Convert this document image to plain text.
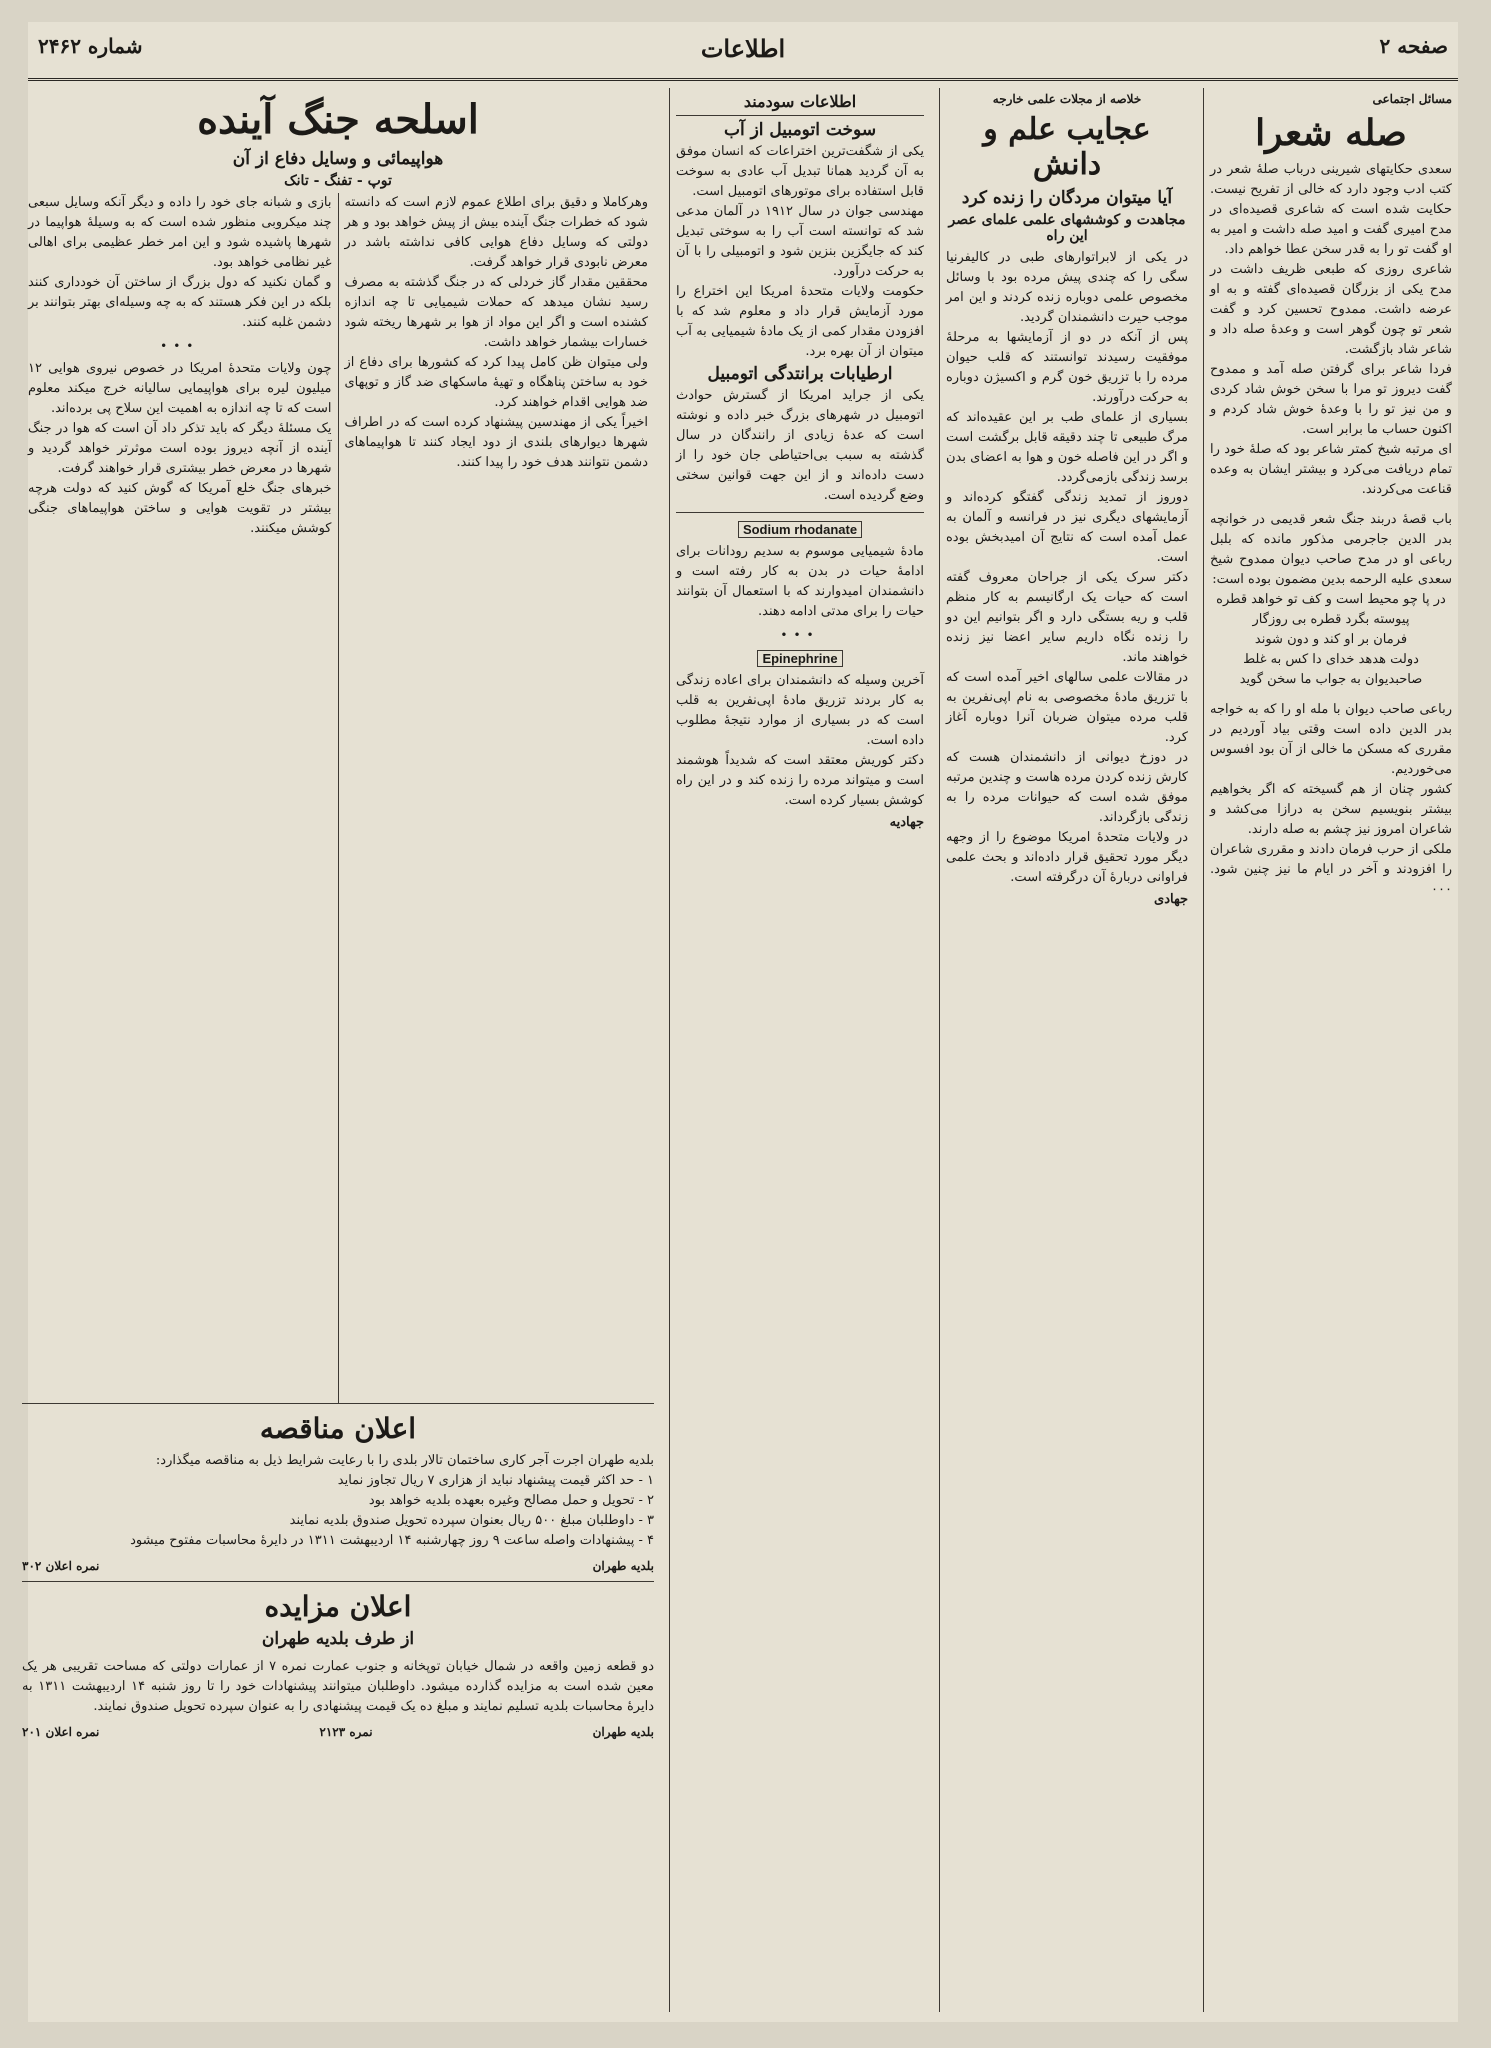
صفحه ۲
اطلاعات
شماره ۲۴۶۲
مسائل اجتماعی
صله شعرا

سعدی حکایتهای شیرینی درباب صلهٔ شعر در کتب ادب وجود دارد که خالی از تفریح نیست. حکایت شده است که شاعری قصیده‌ای در مدح امیری گفت و امید صله داشت و امیر به او گفت تو را به قدر سخن عطا خواهم داد.

شاعری روزی که طبعی ظریف داشت در مدح یکی از بزرگان قصیده‌ای گفته و به او عرضه داشت. ممدوح تحسین کرد و گفت شعر تو چون گوهر است و وعدهٔ صله داد و شاعر شاد بازگشت.

فردا شاعر برای گرفتن صله آمد و ممدوح گفت دیروز تو مرا با سخن خوش شاد کردی و من نیز تو را با وعدهٔ خوش شاد کردم و اکنون حساب ما برابر است.

ای مرتبه شیخ کمتر شاعر بود که صلهٔ خود را تمام دریافت می‌کرد و بیشتر ایشان به وعده قناعت می‌کردند.

باب قصهٔ دربند جنگ شعر قدیمی در خوانچه بدر الدین جاجرمی مذکور مانده که بلبل رباعی او در مدح صاحب دیوان ممدوح شیخ سعدی علیه الرحمه بدین مضمون بوده است:

در پا چو محیط است و کف تو خواهد قطره
پیوسته بگرد قطره بی روزگار
فرمان بر او کند و دون شوند
دولت هدهد خدای دا کس به غلط
صاحبدیوان به جواب ما سخن گوید

رباعی صاحب دیوان با مله او را که به خواجه بدر الدین داده است وقتی بیاد آوردیم در مقرری که مسکن ما خالی از آن بود افسوس می‌خوردیم.

کشور چنان از هم گسیخته که اگر بخواهیم بیشتر بنویسیم سخن به درازا می‌کشد و شاعران امروز نیز چشم به صله دارند.

ملکی از حرب فرمان دادند و مقرری شاعران را افزودند و آخر در ایام ما نیز چنین شود. ۰۰۰

خلاصه از مجلات علمی خارجه
عجایب علم و دانش
آیا میتوان مردگان را زنده کرد
مجاهدت و کوششهای علمی علمای عصر این راه

در یکی از لابراتوارهای طبی در کالیفرنیا سگی را که چندی پیش مرده بود با وسائل مخصوص علمی دوباره زنده کردند و این امر موجب حیرت دانشمندان گردید.

پس از آنکه در دو از آزمایشها به مرحلهٔ موفقیت رسیدند توانستند که قلب حیوان مرده را با تزریق خون گرم و اکسیژن دوباره به حرکت درآورند.

بسیاری از علمای طب بر این عقیده‌اند که مرگ طبیعی تا چند دقیقه قابل برگشت است و اگر در این فاصله خون و هوا به اعضای بدن برسد زندگی بازمی‌گردد.

دوروز از تمدید زندگی گفتگو کرده‌اند و آزمایشهای دیگری نیز در فرانسه و آلمان به عمل آمده است که نتایج آن امیدبخش بوده است.

دکتر سرک یکی از جراحان معروف گفته است که حیات یک ارگانیسم به کار منظم قلب و ریه بستگی دارد و اگر بتوانیم این دو را زنده نگاه داریم سایر اعضا نیز زنده خواهند ماند.

در مقالات علمی سالهای اخیر آمده است که با تزریق مادهٔ مخصوصی به نام اپی‌نفرین به قلب مرده میتوان ضربان آنرا دوباره آغاز کرد.

در دوزخ دیوانی از دانشمندان هست که کارش زنده کردن مرده هاست و چندین مرتبه موفق شده است که حیوانات مرده را به زندگی بازگرداند.

در ولایات متحدهٔ امریکا موضوع را از وجهه دیگر مورد تحقیق قرار داده‌اند و بحث علمی فراوانی دربارهٔ آن درگرفته است.

جهادی
اطلاعات سودمند
سوخت اتومبیل از آب

یکی از شگفت‌ترین اختراعات که انسان موفق به آن گردید همانا تبدیل آب عادی به سوخت قابل استفاده برای موتورهای اتومبیل است.

مهندسی جوان در سال ۱۹۱۲ در آلمان مدعی شد که توانسته است آب را به سوختی تبدیل کند که جایگزین بنزین شود و اتومبیلی را با آن به حرکت درآورد.

حکومت ولایات متحدهٔ امریکا این اختراع را مورد آزمایش قرار داد و معلوم شد که با افزودن مقدار کمی از یک مادهٔ شیمیایی به آب میتوان از آن بهره برد.

ارطیابات برانتدگی اتومبیل

یکی از جراید امریکا از گسترش حوادث اتومبیل در شهرهای بزرگ خبر داده و نوشته است که عدهٔ زیادی از رانندگان در سال گذشته به سبب بی‌احتیاطی جان خود را از دست داده‌اند و از این جهت قوانین سختی وضع گردیده است.

Sodium rhodanate

مادهٔ شیمیایی موسوم به سدیم رودانات برای ادامهٔ حیات در بدن به کار رفته است و دانشمندان امیدوارند که با استعمال آن بتوانند حیات را برای مدتی ادامه دهند.

•••
Epinephrine

آخرین وسیله که دانشمندان برای اعاده زندگی به کار بردند تزریق مادهٔ اپی‌نفرین به قلب است که در بسیاری از موارد نتیجهٔ مطلوب داده است.

دکتر کوریش معتقد است که شدیداً هوشمند است و میتواند مرده را زنده کند و در این راه کوشش بسیار کرده است.

جهادیه
اسلحه جنگ آینده
هواپیمائی و وسایل دفاع از آن
توپ - تفنگ - تانک

وهرکاملا و دقیق برای اطلاع عموم لازم است که دانسته شود که خطرات جنگ آینده بیش از پیش خواهد بود و هر دولتی که وسایل دفاع هوایی کافی نداشته باشد در معرض نابودی قرار خواهد گرفت.

محققین مقدار گاز خردلی که در جنگ گذشته به مصرف رسید نشان میدهد که حملات شیمیایی تا چه اندازه کشنده است و اگر این مواد از هوا بر شهرها ریخته شود خسارات بیشمار خواهد داشت.

ولی میتوان ظن کامل پیدا کرد که کشورها برای دفاع از خود به ساختن پناهگاه و تهیهٔ ماسکهای ضد گاز و توپهای ضد هوایی اقدام خواهند کرد.

اخیراً یکی از مهندسین پیشنهاد کرده است که در اطراف شهرها دیوارهای بلندی از دود ایجاد کنند تا هواپیماهای دشمن نتوانند هدف خود را پیدا کنند.

بازی و شبانه جای خود را داده و دیگر آنکه وسایل سبعی چند میکروبی منظور شده است که به وسیلهٔ هواپیما در شهرها پاشیده شود و این امر خطر عظیمی برای اهالی غیر نظامی خواهد بود.

و گمان نکنید که دول بزرگ از ساختن آن خودداری کنند بلکه در این فکر هستند که به چه وسیله‌ای بهتر بتوانند بر دشمن غلبه کنند.

•••

چون ولایات متحدهٔ امریکا در خصوص نیروی هوایی ۱۲ میلیون لیره برای هواپیمایی سالیانه خرج میکند معلوم است که تا چه اندازه به اهمیت این سلاح پی برده‌اند.

یک مسئلهٔ دیگر که باید تذکر داد آن است که هوا در جنگ آینده از آنچه دیروز بوده است موثرتر خواهد گردید و شهرها در معرض خطر بیشتری قرار خواهند گرفت.

خبر‌های جنگ خلع آمریکا که گوش کنید که دولت هرچه بیشتر در تقویت هوایی و ساختن هواپیماهای جنگی کوشش میکنند.

اعلان مناقصه

بلدیه طهران اجرت آجر کاری ساختمان تالار بلدی را با رعایت شرایط ذیل به مناقصه میگذارد:

۱ - حد اکثر قیمت پیشنهاد نباید از هزاری ۷ ریال تجاوز نماید

۲ - تحویل و حمل مصالح وغیره بعهده بلدیه خواهد بود

۳ - داوطلبان مبلغ ۵۰۰ ریال بعنوان سپرده تحویل صندوق بلدیه نمایند

۴ - پیشنهادات واصله ساعت ۹ روز چهارشنبه ۱۴ اردیبهشت ۱۳۱۱ در دایرهٔ محاسبات مفتوح میشود

بلدیه طهران
نمره اعلان ۳۰۲
اعلان مزایده
از طرف بلدیه طهران

دو قطعه زمین واقعه در شمال خیابان توپخانه و جنوب عمارت نمره ۷ از عمارات دولتی که مساحت تقریبی هر یک معین شده است به مزایده گذارده میشود. داوطلبان میتوانند پیشنهادات خود را تا روز شنبه ۱۴ اردیبهشت ۱۳۱۱ به دایرهٔ محاسبات بلدیه تسلیم نمایند و مبلغ ده یک قیمت پیشنهادی را به عنوان سپرده تحویل صندوق نمایند.

بلدیه طهران
نمره ۲۱۲۳
نمره اعلان ۲۰۱
